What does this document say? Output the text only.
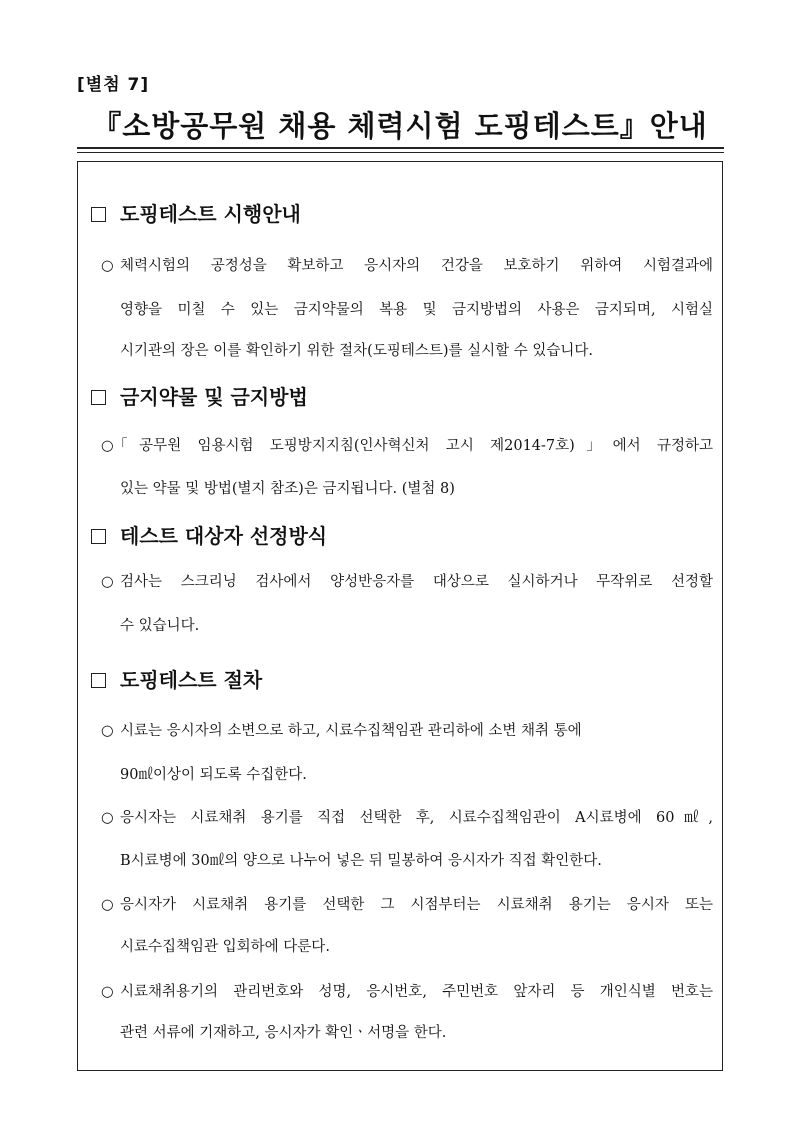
[별첨 7]
『소방공무원 채용 체력시험 도핑테스트』안내
도핑테스트 시행안내
○ 체력시험의 공정성을 확보하고 응시자의 건강을 보호하기 위하여 시험결과에
영향을 미칠 수 있는 금지약물의 복용 및 금지방법의 사용은 금지되며, 시험실
시기관의 장은 이를 확인하기 위한 절차(도핑테스트)를 실시할 수 있습니다.
금지약물 및 금지방법
○ 「공무원 임용시험 도핑방지지침(인사혁신처 고시 제2014-7호)」에서 규정하고
있는 약물 및 방법(별지 참조)은 금지됩니다. (별첨 8)
테스트 대상자 선정방식
○ 검사는 스크리닝 검사에서 양성반응자를 대상으로 실시하거나 무작위로 선정할
수 있습니다.
도핑테스트 절차
○ 시료는 응시자의 소변으로 하고, 시료수집책임관 관리하에 소변 채취 통에
90㎖이상이 되도록 수집한다.
○ 응시자는 시료채취 용기를 직접 선택한 후, 시료수집책임관이 A시료병에 60㎖,
B시료병에 30㎖의 양으로 나누어 넣은 뒤 밀봉하여 응시자가 직접 확인한다.
○ 응시자가 시료채취 용기를 선택한 그 시점부터는 시료채취 용기는 응시자 또는
시료수집책임관 입회하에 다룬다.
○ 시료채취용기의 관리번호와 성명, 응시번호, 주민번호 앞자리 등 개인식별 번호는
관련 서류에 기재하고, 응시자가 확인ㆍ서명을 한다.
